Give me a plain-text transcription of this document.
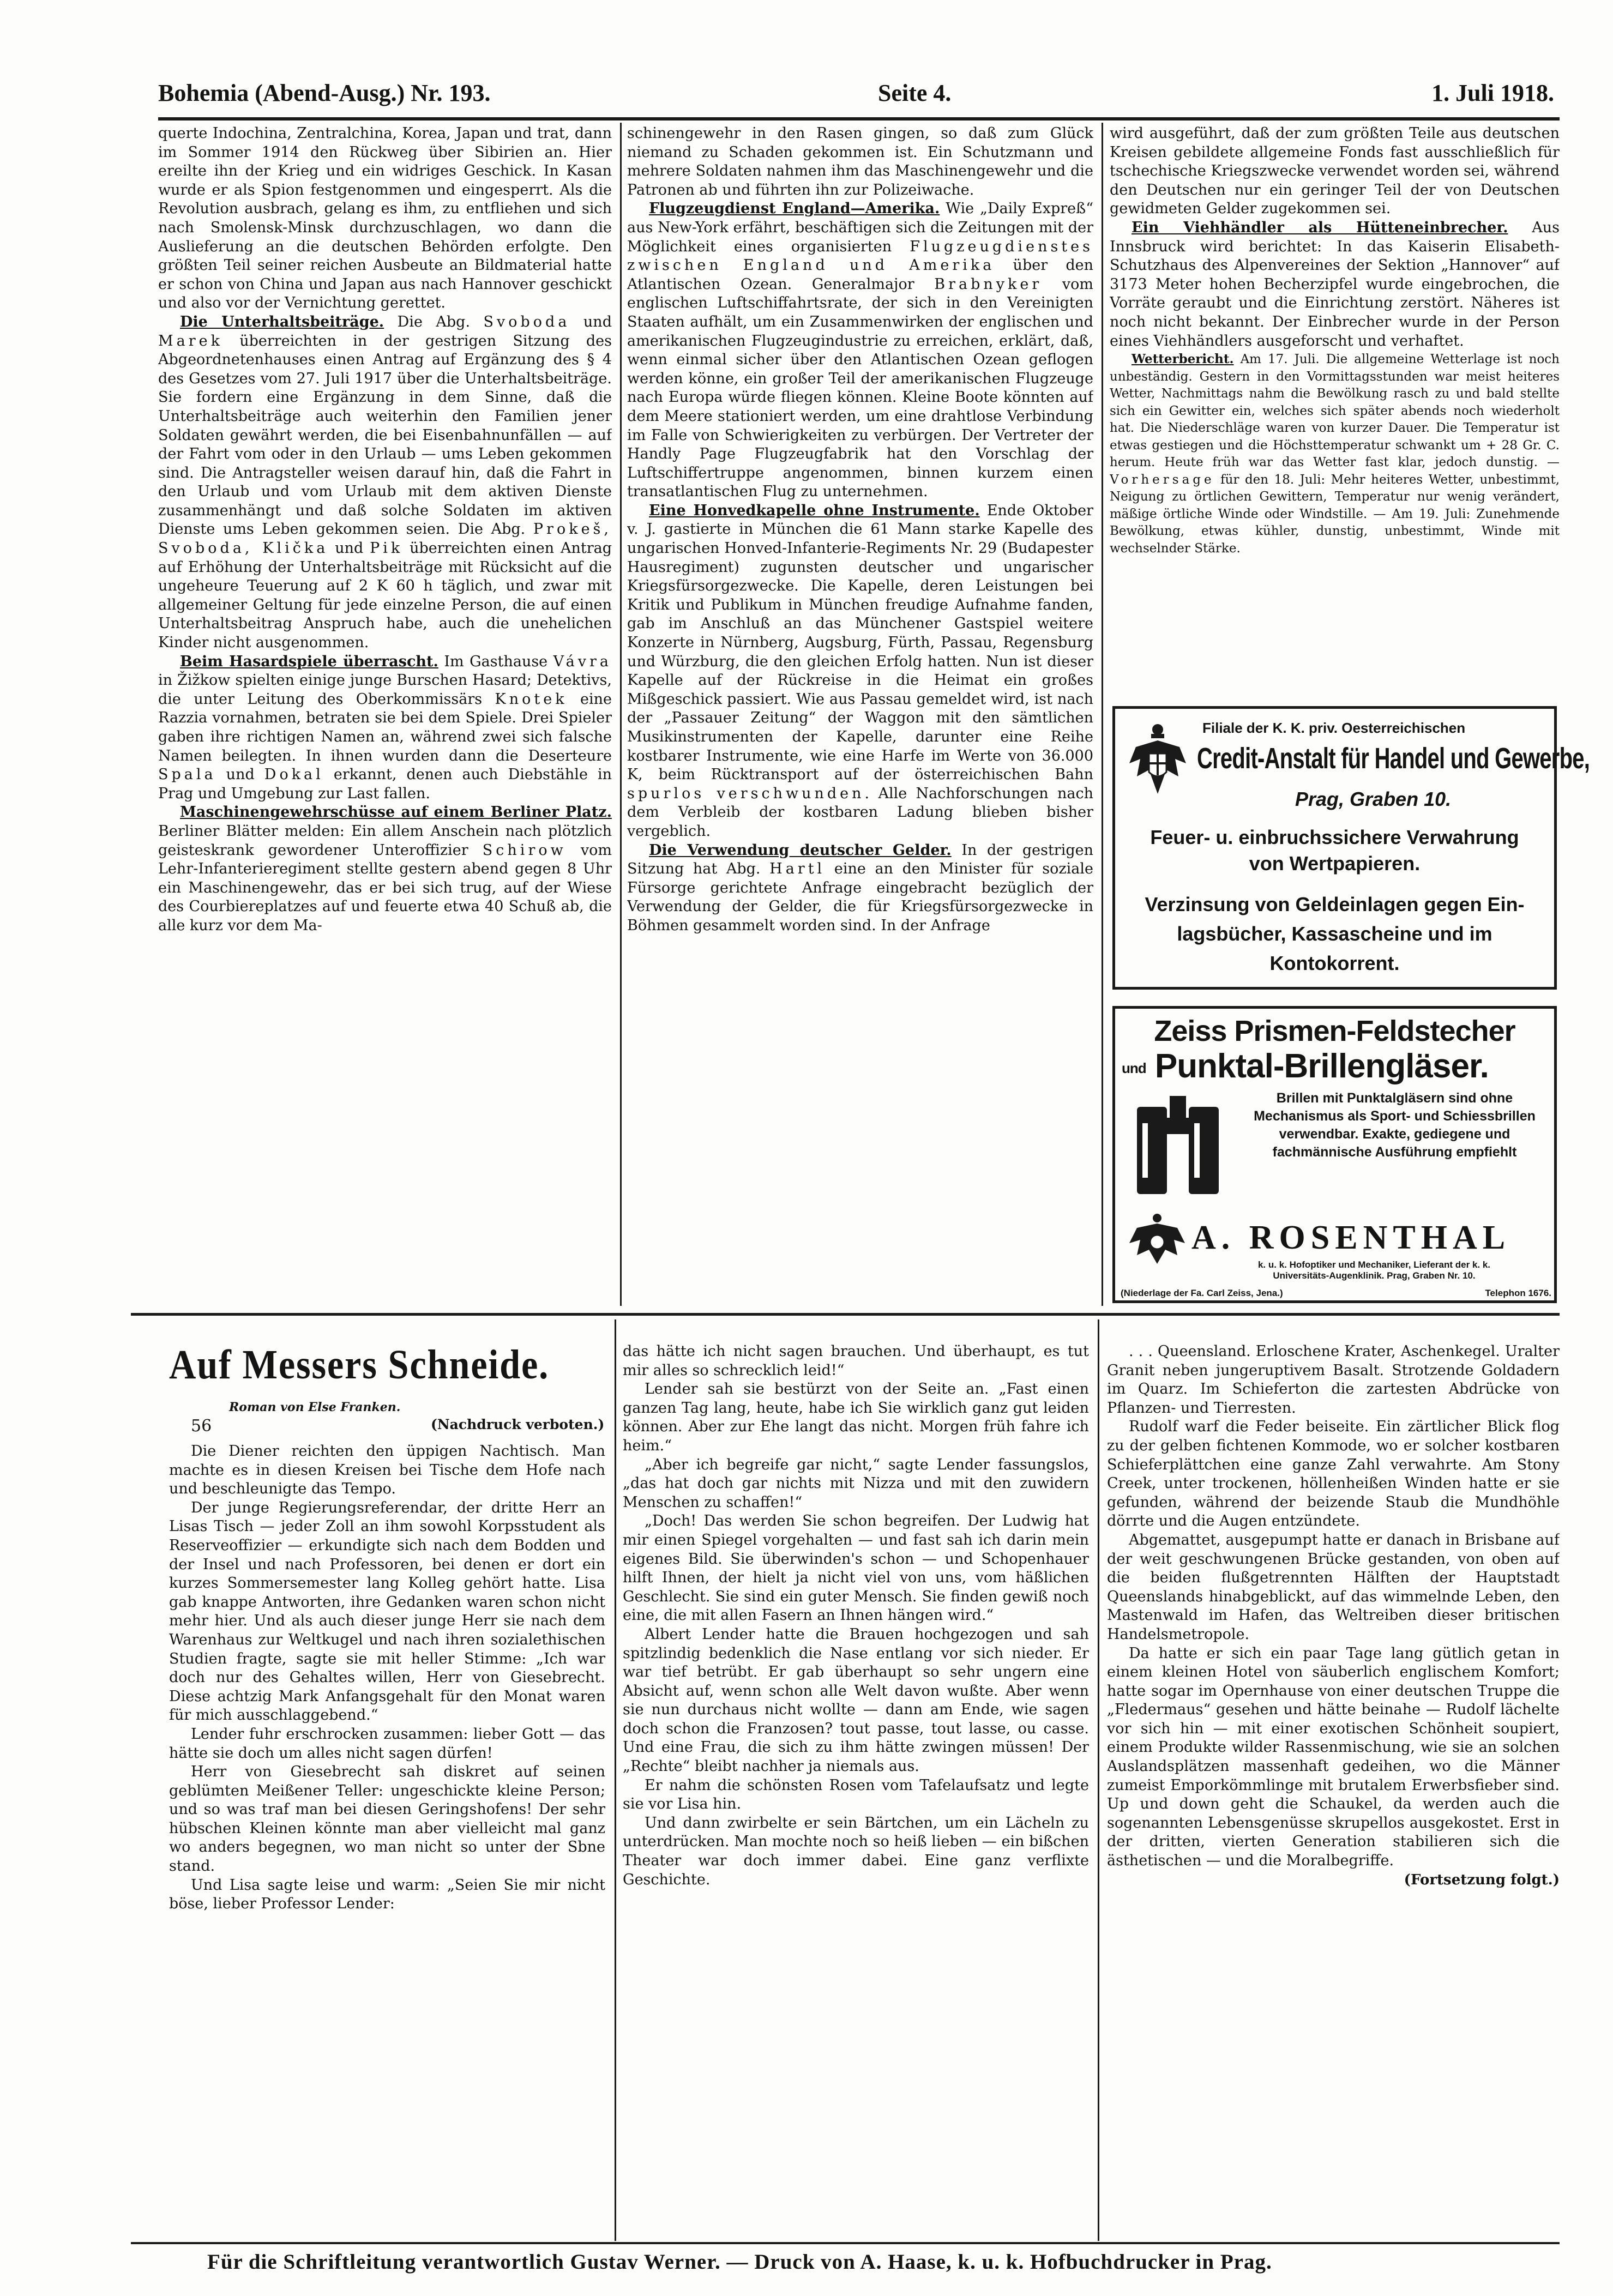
Bohemia (Abend-Ausg.) Nr. 193.	Seite 4.	1. Juli 1918.

querte Indochina, Zentralchina, Korea, Japan und trat, dann im Sommer 1914 den Rückweg über Sibirien an. Hier ereilte ihn der Krieg und ein widriges Geschick. In Kasan wurde er als Spion festgenommen und eingesperrt. Als die Revolution ausbrach, gelang es ihm, zu entfliehen und sich nach Smolensk-Minsk durchzuschlagen, wo dann die Auslieferung an die deutschen Behörden erfolgte. Den größten Teil seiner reichen Ausbeute an Bildmaterial hatte er schon von China und Japan aus nach Hannover geschickt und also vor der Vernichtung gerettet.

Die Unterhaltsbeiträge. Die Abg. Svoboda und Marek überreichten in der gestrigen Sitzung des Abgeordnetenhauses einen Antrag auf Ergänzung des § 4 des Gesetzes vom 27. Juli 1917 über die Unterhaltsbeiträge. Sie fordern eine Ergänzung in dem Sinne, daß die Unterhaltsbeiträge auch weiterhin den Familien jener Soldaten gewährt werden, die bei Eisenbahnunfällen — auf der Fahrt vom oder in den Urlaub — ums Leben gekommen sind. Die Antragsteller weisen darauf hin, daß die Fahrt in den Urlaub und vom Urlaub mit dem aktiven Dienste zusammenhängt und daß solche Soldaten im aktiven Dienste ums Leben gekommen seien. Die Abg. Prokeš, Svoboda, Klička und Pik überreichten einen Antrag auf Erhöhung der Unterhaltsbeiträge mit Rücksicht auf die ungeheure Teuerung auf 2 K 60 h täglich, und zwar mit allgemeiner Geltung für jede einzelne Person, die auf einen Unterhaltsbeitrag Anspruch habe, auch die unehelichen Kinder nicht ausgenommen.

Beim Hasardspiele überrascht. Im Gasthause Vávra in Žižkow spielten einige junge Burschen Hasard; Detektivs, die unter Leitung des Oberkommissärs Knotek eine Razzia vornahmen, betraten sie bei dem Spiele. Drei Spieler gaben ihre richtigen Namen an, während zwei sich falsche Namen beilegten. In ihnen wurden dann die Deserteure Spala und Dokal erkannt, denen auch Diebstähle in Prag und Umgebung zur Last fallen.

Maschinengewehrschüsse auf einem Berliner Platz. Berliner Blätter melden: Ein allem Anschein nach plötzlich geisteskrank gewordener Unteroffizier Schirow vom Lehr-Infanterieregiment stellte gestern abend gegen 8 Uhr ein Maschinengewehr, das er bei sich trug, auf der Wiese des Courbiereplatzes auf und feuerte etwa 40 Schuß ab, die alle kurz vor dem Ma-

schinengewehr in den Rasen gingen, so daß zum Glück niemand zu Schaden gekommen ist. Ein Schutzmann und mehrere Soldaten nahmen ihm das Maschinengewehr und die Patronen ab und führten ihn zur Polizeiwache.

Flugzeugdienst England—Amerika. Wie „Daily Expreß“ aus New-York erfährt, beschäftigen sich die Zeitungen mit der Möglichkeit eines organisierten Flugzeugdienstes zwischen England und Amerika über den Atlantischen Ozean. Generalmajor Brabnyker vom englischen Luftschiffahrtsrate, der sich in den Vereinigten Staaten aufhält, um ein Zusammenwirken der englischen und amerikanischen Flugzeugindustrie zu erreichen, erklärt, daß, wenn einmal sicher über den Atlantischen Ozean geflogen werden könne, ein großer Teil der amerikanischen Flugzeuge nach Europa würde fliegen können. Kleine Boote könnten auf dem Meere stationiert werden, um eine drahtlose Verbindung im Falle von Schwierigkeiten zu verbürgen. Der Vertreter der Handly Page Flugzeugfabrik hat den Vorschlag der Luftschiffertruppe angenommen, binnen kurzem einen transatlantischen Flug zu unternehmen.

Eine Honvedkapelle ohne Instrumente. Ende Oktober v. J. gastierte in München die 61 Mann starke Kapelle des ungarischen Honved-Infanterie-Regiments Nr. 29 (Budapester Hausregiment) zugunsten deutscher und ungarischer Kriegsfürsorgezwecke. Die Kapelle, deren Leistungen bei Kritik und Publikum in München freudige Aufnahme fanden, gab im Anschluß an das Münchener Gastspiel weitere Konzerte in Nürnberg, Augsburg, Fürth, Passau, Regensburg und Würzburg, die den gleichen Erfolg hatten. Nun ist dieser Kapelle auf der Rückreise in die Heimat ein großes Mißgeschick passiert. Wie aus Passau gemeldet wird, ist nach der „Passauer Zeitung“ der Waggon mit den sämtlichen Musikinstrumenten der Kapelle, darunter eine Reihe kostbarer Instrumente, wie eine Harfe im Werte von 36.000 K, beim Rücktransport auf der österreichischen Bahn spurlos verschwunden. Alle Nachforschungen nach dem Verbleib der kostbaren Ladung blieben bisher vergeblich.

Die Verwendung deutscher Gelder. In der gestrigen Sitzung hat Abg. Hartl eine an den Minister für soziale Fürsorge gerichtete Anfrage eingebracht bezüglich der Verwendung der Gelder, die für Kriegsfürsorgezwecke in Böhmen gesammelt worden sind. In der Anfrage

wird ausgeführt, daß der zum größten Teile aus deutschen Kreisen gebildete allgemeine Fonds fast ausschließlich für tschechische Kriegszwecke verwendet worden sei, während den Deutschen nur ein geringer Teil der von Deutschen gewidmeten Gelder zugekommen sei.

Ein Viehhändler als Hütteneinbrecher. Aus Innsbruck wird berichtet: In das Kaiserin Elisabeth-Schutzhaus des Alpenvereines der Sektion „Hannover“ auf 3173 Meter hohen Becherzipfel wurde eingebrochen, die Vorräte geraubt und die Einrichtung zerstört. Näheres ist noch nicht bekannt. Der Einbrecher wurde in der Person eines Viehhändlers ausgeforscht und verhaftet.

Wetterbericht. Am 17. Juli. Die allgemeine Wetterlage ist noch unbeständig. Gestern in den Vormittagsstunden war meist heiteres Wetter, Nachmittags nahm die Bewölkung rasch zu und bald stellte sich ein Gewitter ein, welches sich später abends noch wiederholt hat. Die Niederschläge waren von kurzer Dauer. Die Temperatur ist etwas gestiegen und die Höchsttemperatur schwankt um + 28 Gr. C. herum. Heute früh war das Wetter fast klar, jedoch dunstig. — Vorhersage für den 18. Juli: Mehr heiteres Wetter, unbestimmt, Neigung zu örtlichen Gewittern, Temperatur nur wenig verändert, mäßige örtliche Winde oder Windstille. — Am 19. Juli: Zunehmende Bewölkung, etwas kühler, dunstig, unbestimmt, Winde mit wechselnder Stärke.

Filiale der K. K. priv. Oesterreichischen
Credit-Anstalt für Handel und Gewerbe,
Prag, Graben 10.
Feuer- u. einbruchssichere Verwahrung
von Wertpapieren.
Verzinsung von Geldeinlagen gegen Ein-
lagsbücher, Kassascheine und im
Kontokorrent.
Zeiss Prismen-Feldstecher
und Punktal-Brillengläser.
Brillen mit Punktalgläsern sind ohne Mechanismus als Sport- und Schiessbrillen verwendbar. Exakte, gediegene und fachmännische Ausführung empfiehlt
A. ROSENTHAL
k. u. k. Hofoptiker und Mechaniker, Lieferant der k. k. Universitäts-Augenklinik. Prag, Graben Nr. 10.
(Niederlage der Fa. Carl Zeiss, Jena.)	Telephon 1676.
Auf Messers Schneide.
Roman von Else Franken.
56	(Nachdruck verboten.)

Die Diener reichten den üppigen Nachtisch. Man machte es in diesen Kreisen bei Tische dem Hofe nach und beschleunigte das Tempo.

Der junge Regierungsreferendar, der dritte Herr an Lisas Tisch — jeder Zoll an ihm sowohl Korpsstudent als Reserveoffizier — erkundigte sich nach dem Bodden und der Insel und nach Professoren, bei denen er dort ein kurzes Sommersemester lang Kolleg gehört hatte. Lisa gab knappe Antworten, ihre Gedanken waren schon nicht mehr hier. Und als auch dieser junge Herr sie nach dem Warenhaus zur Weltkugel und nach ihren sozialethischen Studien fragte, sagte sie mit heller Stimme: „Ich war doch nur des Gehaltes willen, Herr von Giesebrecht. Diese achtzig Mark Anfangsgehalt für den Monat waren für mich ausschlaggebend.“

Lender fuhr erschrocken zusammen: lieber Gott — das hätte sie doch um alles nicht sagen dürfen!

Herr von Giesebrecht sah diskret auf seinen geblümten Meißener Teller: ungeschickte kleine Person; und so was traf man bei diesen Geringshofens! Der sehr hübschen Kleinen könnte man aber vielleicht mal ganz wo anders begegnen, wo man nicht so unter der Sbne stand.

Und Lisa sagte leise und warm: „Seien Sie mir nicht böse, lieber Professor Lender:

das hätte ich nicht sagen brauchen. Und überhaupt, es tut mir alles so schrecklich leid!“

Lender sah sie bestürzt von der Seite an. „Fast einen ganzen Tag lang, heute, habe ich Sie wirklich ganz gut leiden können. Aber zur Ehe langt das nicht. Morgen früh fahre ich heim.“

„Aber ich begreife gar nicht,“ sagte Lender fassungslos, „das hat doch gar nichts mit Nizza und mit den zuwidern Menschen zu schaffen!“

„Doch! Das werden Sie schon begreifen. Der Ludwig hat mir einen Spiegel vorgehalten — und fast sah ich darin mein eigenes Bild. Sie überwinden's schon — und Schopenhauer hilft Ihnen, der hielt ja nicht viel von uns, vom häßlichen Geschlecht. Sie sind ein guter Mensch. Sie finden gewiß noch eine, die mit allen Fasern an Ihnen hängen wird.“

Albert Lender hatte die Brauen hochgezogen und sah spitzlindig bedenklich die Nase entlang vor sich nieder. Er war tief betrübt. Er gab überhaupt so sehr ungern eine Absicht auf, wenn schon alle Welt davon wußte. Aber wenn sie nun durchaus nicht wollte — dann am Ende, wie sagen doch schon die Franzosen? tout passe, tout lasse, ou casse. Und eine Frau, die sich zu ihm hätte zwingen müssen! Der „Rechte“ bleibt nachher ja niemals aus.

Er nahm die schönsten Rosen vom Tafelaufsatz und legte sie vor Lisa hin.

Und dann zwirbelte er sein Bärtchen, um ein Lächeln zu unterdrücken. Man mochte noch so heiß lieben — ein bißchen Theater war doch immer dabei. Eine ganz verflixte Geschichte.

. . . Queensland. Erloschene Krater, Aschenkegel. Uralter Granit neben jungeruptivem Basalt. Strotzende Goldadern im Quarz. Im Schieferton die zartesten Abdrücke von Pflanzen- und Tierresten.

Rudolf warf die Feder beiseite. Ein zärtlicher Blick flog zu der gelben fichtenen Kommode, wo er solcher kostbaren Schieferplättchen eine ganze Zahl verwahrte. Am Stony Creek, unter trockenen, höllenheißen Winden hatte er sie gefunden, während der beizende Staub die Mundhöhle dörrte und die Augen entzündete.

Abgemattet, ausgepumpt hatte er danach in Brisbane auf der weit geschwungenen Brücke gestanden, von oben auf die beiden flußgetrennten Hälften der Hauptstadt Queenslands hinabgeblickt, auf das wimmelnde Leben, den Mastenwald im Hafen, das Weltreiben dieser britischen Handelsmetropole.

Da hatte er sich ein paar Tage lang gütlich getan in einem kleinen Hotel von säuberlich englischem Komfort; hatte sogar im Opernhause von einer deutschen Truppe die „Fledermaus“ gesehen und hätte beinahe — Rudolf lächelte vor sich hin — mit einer exotischen Schönheit soupiert, einem Produkte wilder Rassenmischung, wie sie an solchen Auslandsplätzen massenhaft gedeihen, wo die Männer zumeist Emporkömmlinge mit brutalem Erwerbsfieber sind. Up und down geht die Schaukel, da werden auch die sogenannten Lebensgenüsse skrupellos ausgekostet. Erst in der dritten, vierten Generation stabilieren sich die ästhetischen — und die Moralbegriffe.

(Fortsetzung folgt.)
Für die Schriftleitung verantwortlich Gustav Werner. — Druck von A. Haase, k. u. k. Hofbuchdrucker in Prag.
